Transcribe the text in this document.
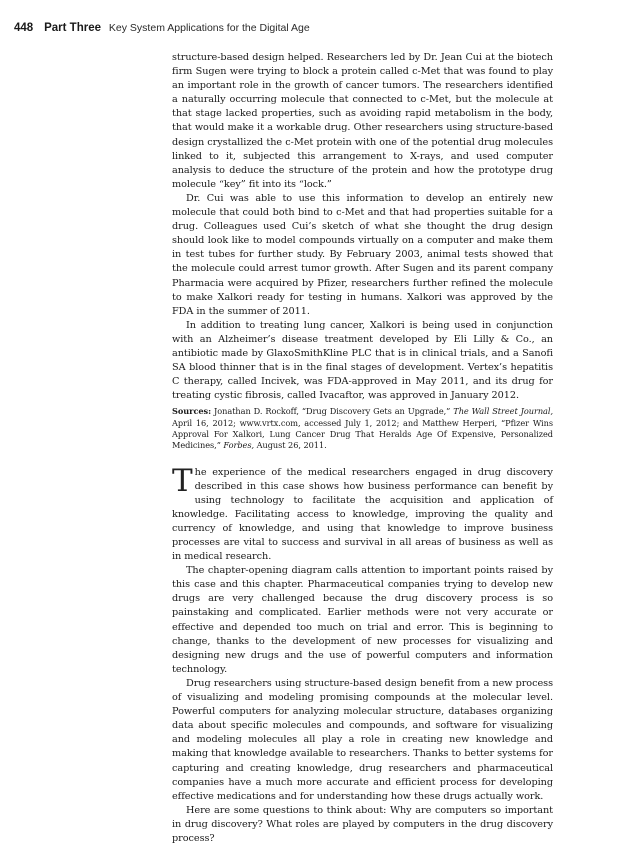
448 Part Three Key System Applications for the Digital Age

structure-based design helped. Researchers led by Dr. Jean Cui at the biotech firm Sugen were trying to block a protein called c-Met that was found to play an important role in the growth of cancer tumors. The researchers identified a naturally occurring molecule that connected to c-Met, but the molecule at that stage lacked properties, such as avoiding rapid metabolism in the body, that would make it a workable drug. Other researchers using structure-based design crystallized the c-Met protein with one of the potential drug molecules linked to it, subjected this arrangement to X-rays, and used computer analysis to deduce the structure of the protein and how the prototype drug molecule “key” fit into its “lock.”

Dr. Cui was able to use this information to develop an entirely new molecule that could both bind to c-Met and that had properties suitable for a drug. Colleagues used Cui’s sketch of what she thought the drug design should look like to model compounds virtually on a computer and make them in test tubes for further study. By February 2003, animal tests showed that the molecule could arrest tumor growth. After Sugen and its parent company Pharmacia were acquired by Pfizer, researchers further refined the molecule to make Xalkori ready for testing in humans. Xalkori was approved by the FDA in the summer of 2011.

In addition to treating lung cancer, Xalkori is being used in conjunction with an Alzheimer’s disease treatment developed by Eli Lilly & Co., an antibiotic made by GlaxoSmithKline PLC that is in clinical trials, and a Sanofi SA blood thinner that is in the final stages of development. Vertex’s hepatitis C therapy, called Incivek, was FDA-approved in May 2011, and its drug for treating cystic fibrosis, called Ivacaftor, was approved in January 2012.

Sources: Jonathan D. Rockoff, “Drug Discovery Gets an Upgrade,” The Wall Street Journal, April 16, 2012; www.vrtx.com, accessed July 1, 2012; and Matthew Herperi, “Pfizer Wins Approval For Xalkori, Lung Cancer Drug That Heralds Age Of Expensive, Personalized Medicines,” Forbes, August 26, 2011.
T he experience of the medical researchers engaged in drug discovery described in this case shows how business performance can benefit by using technology to facilitate the acquisition and application of knowledge. Facilitating access to knowledge, improving the quality and currency of knowledge, and using that knowledge to improve business processes are vital to success and survival in all areas of business as well as in medical research.

The chapter-opening diagram calls attention to important points raised by this case and this chapter. Pharmaceutical companies trying to develop new drugs are very challenged because the drug discovery process is so painstaking and complicated. Earlier methods were not very accurate or effective and depended too much on trial and error. This is beginning to change, thanks to the development of new processes for visualizing and designing new drugs and the use of powerful computers and information technology.

Drug researchers using structure-based design benefit from a new process of visualizing and modeling promising compounds at the molecular level. Powerful computers for analyzing molecular structure, databases organizing data about specific molecules and compounds, and software for visualizing and modeling molecules all play a role in creating new knowledge and making that knowledge available to researchers. Thanks to better systems for capturing and creating knowledge, drug researchers and pharmaceutical companies have a much more accurate and efficient process for developing effective medications and for understanding how these drugs actually work.

Here are some questions to think about: Why are computers so important in drug discovery? What roles are played by computers in the drug discovery process?
